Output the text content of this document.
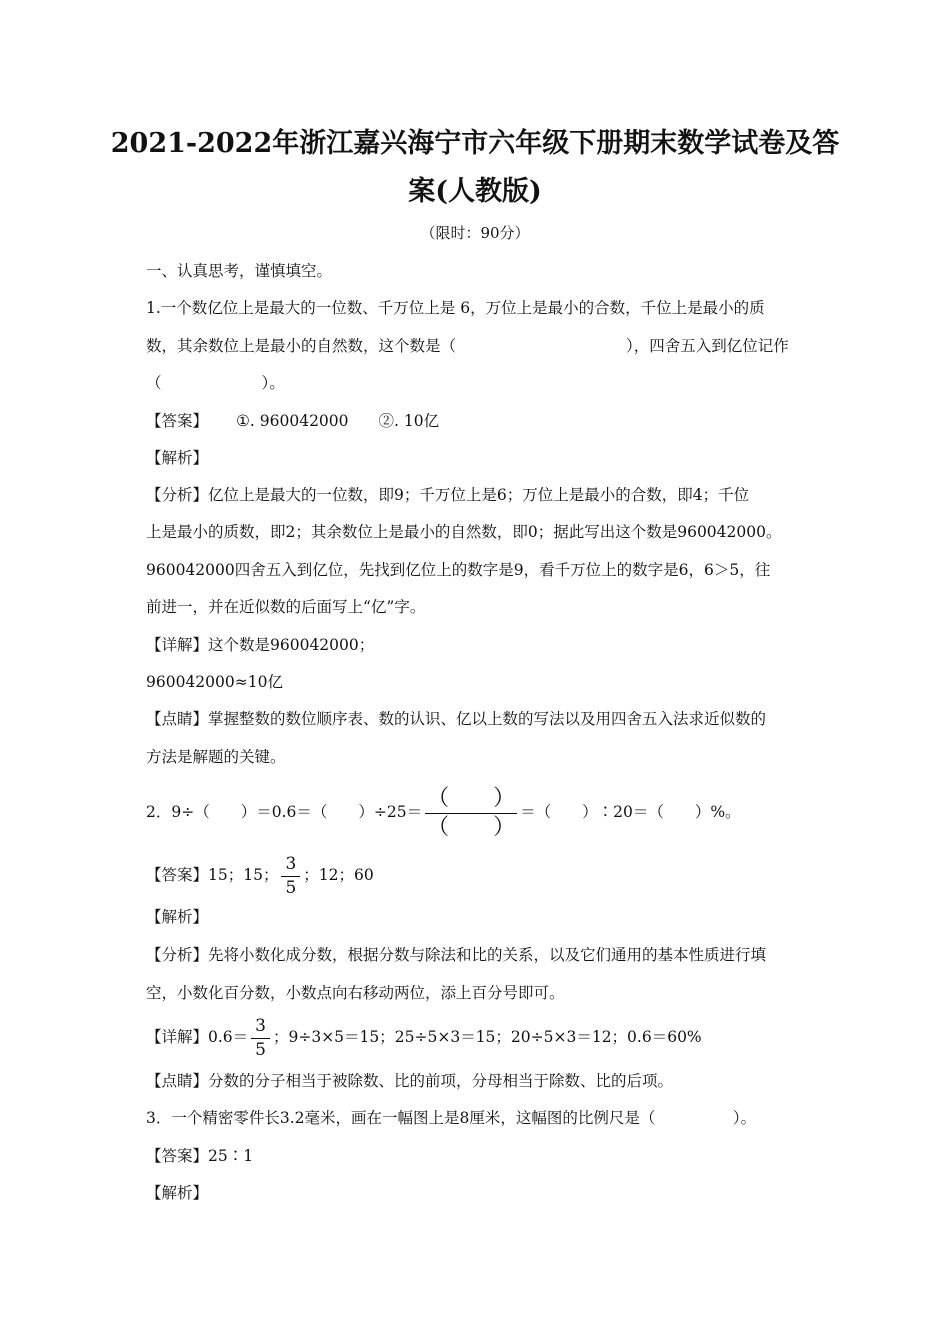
2021-2022年浙江嘉兴海宁市六年级下册期末数学试卷及答
案(人教版)
（限时：90分）
一、认真思考，谨慎填空。
1.一个数亿位上是最大的一位数、千万位上是 6，万位上是最小的合数，千位上是最小的质
数，其余数位上是最小的自然数，这个数是（	），四舍五入到亿位记作
（	）。
【答案】 ①. 960042000 ②. 10亿
【解析】
【分析】亿位上是最大的一位数，即9；千万位上是6；万位上是最小的合数，即4；千位
上是最小的质数，即2；其余数位上是最小的自然数，即0；据此写出这个数是960042000。
960042000四舍五入到亿位，先找到亿位上的数字是9，看千万位上的数字是6，6＞5，往
前进一，并在近似数的后面写上“亿”字。
【详解】这个数是960042000；
960042000≈10亿
【点睛】掌握整数的数位顺序表、数的认识、亿以上数的写法以及用四舍五入法求近似数的
方法是解题的关键。
2．9÷（　　）＝0.6＝（　　）$\div 25= \frac{( )}{( )}$ ＝（　　）∶20＝（　　）%。
【答案】15；15； $\frac{3}{5}$ ；12；60
【解析】
【分析】先将小数化成分数，根据分数与除法和比的关系，以及它们通用的基本性质进行填
空，小数化百分数，小数点向右移动两位，添上百分号即可。
【详解】$0.6= \frac{3}{5}$ ；9÷3×5＝15；25÷5×3＝15；20÷5×3＝12；0.6＝60%
【点睛】分数的分子相当于被除数、比的前项，分母相当于除数、比的后项。
3．一个精密零件长3.2毫米，画在一幅图上是8厘米，这幅图的比例尺是（　　　　　）。
【答案】25∶1
【解析】
